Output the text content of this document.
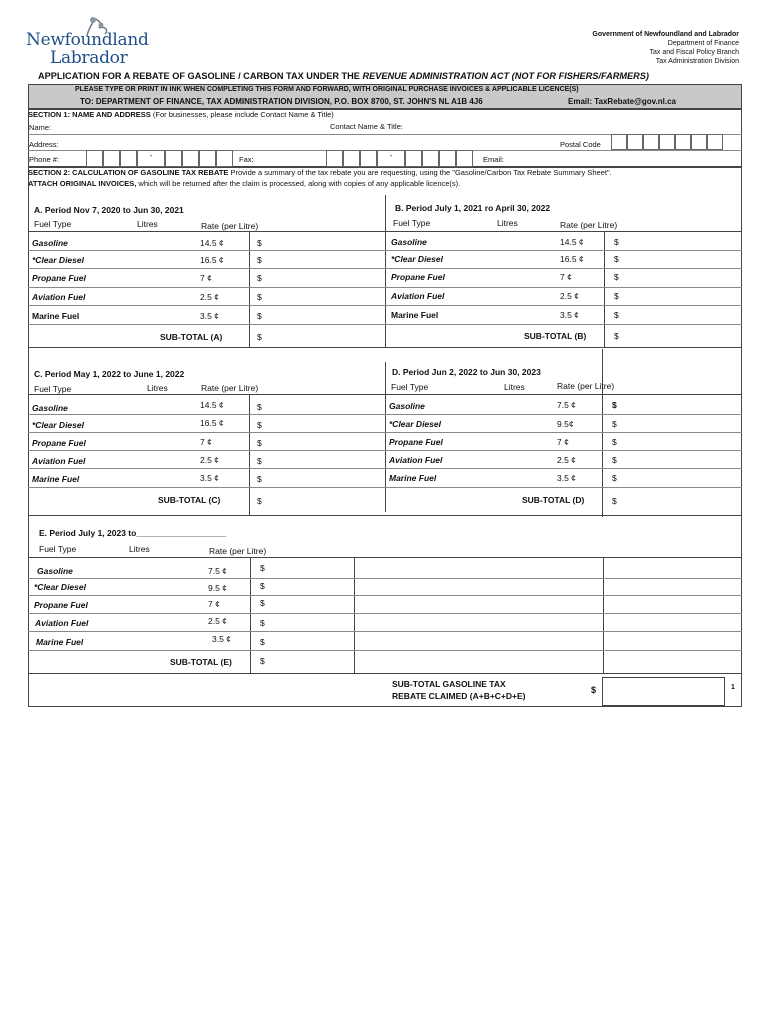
Newfoundland
Labrador
Government of Newfoundland and Labrador
Department of Finance
Tax and Fiscal Policy Branch
Tax Administration Division
APPLICATION FOR A REBATE OF GASOLINE / CARBON TAX UNDER THE REVENUE ADMINISTRATION ACT (NOT FOR FISHERS/FARMERS)
PLEASE TYPE OR PRINT IN INK WHEN COMPLETING THIS FORM AND FORWARD, WITH ORIGINAL PURCHASE INVOICES & APPLICABLE LICENCE(S)
TO: DEPARTMENT OF FINANCE, TAX ADMINISTRATION DIVISION, P.O. BOX 8700, ST. JOHN'S NL A1B 4J6	Email: TaxRebate@gov.nl.ca
SECTION 1: NAME AND ADDRESS (For businesses, please include Contact Name & Title)
Name:	Contact Name & Title:
Address:	Postal Code
Phone #:	Fax:	Email:
-	-
SECTION 2: CALCULATION OF GASOLINE TAX REBATE Provide a summary of the tax rebate you are requesting, using the "Gasoline/Carbon Tax Rebate Summary Sheet".
ATTACH ORIGINAL INVOICES, which will be returned after the claim is processed, along with copies of any applicable licence(s).
A. Period Nov 7, 2020 to Jun 30, 2021
Fuel Type	Litres	Rate (per Litre)
Gasoline	14.5 ¢	$
*Clear Diesel	16.5 ¢	$
Propane Fuel	7 ¢	$
Aviation Fuel	2.5 ¢	$
Marine Fuel	3.5 ¢	$
SUB-TOTAL (A)	$
B. Period July 1, 2021 ro April 30, 2022
Fuel Type	Litres	Rate (per Litre)
Gasoline	14.5 ¢	$
*Clear Diesel	16.5 ¢	$
Propane Fuel	7 ¢	$
Aviation Fuel	2.5 ¢	$
Marine Fuel	3.5 ¢	$
SUB-TOTAL (B)	$
C. Period May 1, 2022 to June 1, 2022
Fuel Type	Litres	Rate (per Litre)
Gasoline	14.5 ¢	$
*Clear Diesel	16.5 ¢	$
Propane Fuel	7 ¢	$
Aviation Fuel	2.5 ¢	$
Marine Fuel	3.5 ¢	$
SUB-TOTAL (C)	$
D. Period Jun 2, 2022 to Jun 30, 2023
Fuel Type	Litres	Rate (per Litre)
Gasoline	7.5 ¢	$
*Clear Diesel	9.5¢	$
Propane Fuel	7 ¢	$
Aviation Fuel	2.5 ¢	$
Marine Fuel	3.5 ¢	$
SUB-TOTAL (D)	$
E. Period July 1, 2023 to___________________
Fuel Type	Litres	Rate (per Litre)
Gasoline	7.5 ¢	$
*Clear Diesel	9.5 ¢	$
Propane Fuel	7 ¢	$
Aviation Fuel	2.5 ¢	$
Marine Fuel	3.5 ¢	$
SUB-TOTAL (E)	$
SUB-TOTAL GASOLINE TAX
REBATE CLAIMED (A+B+C+D+E)
$	1
